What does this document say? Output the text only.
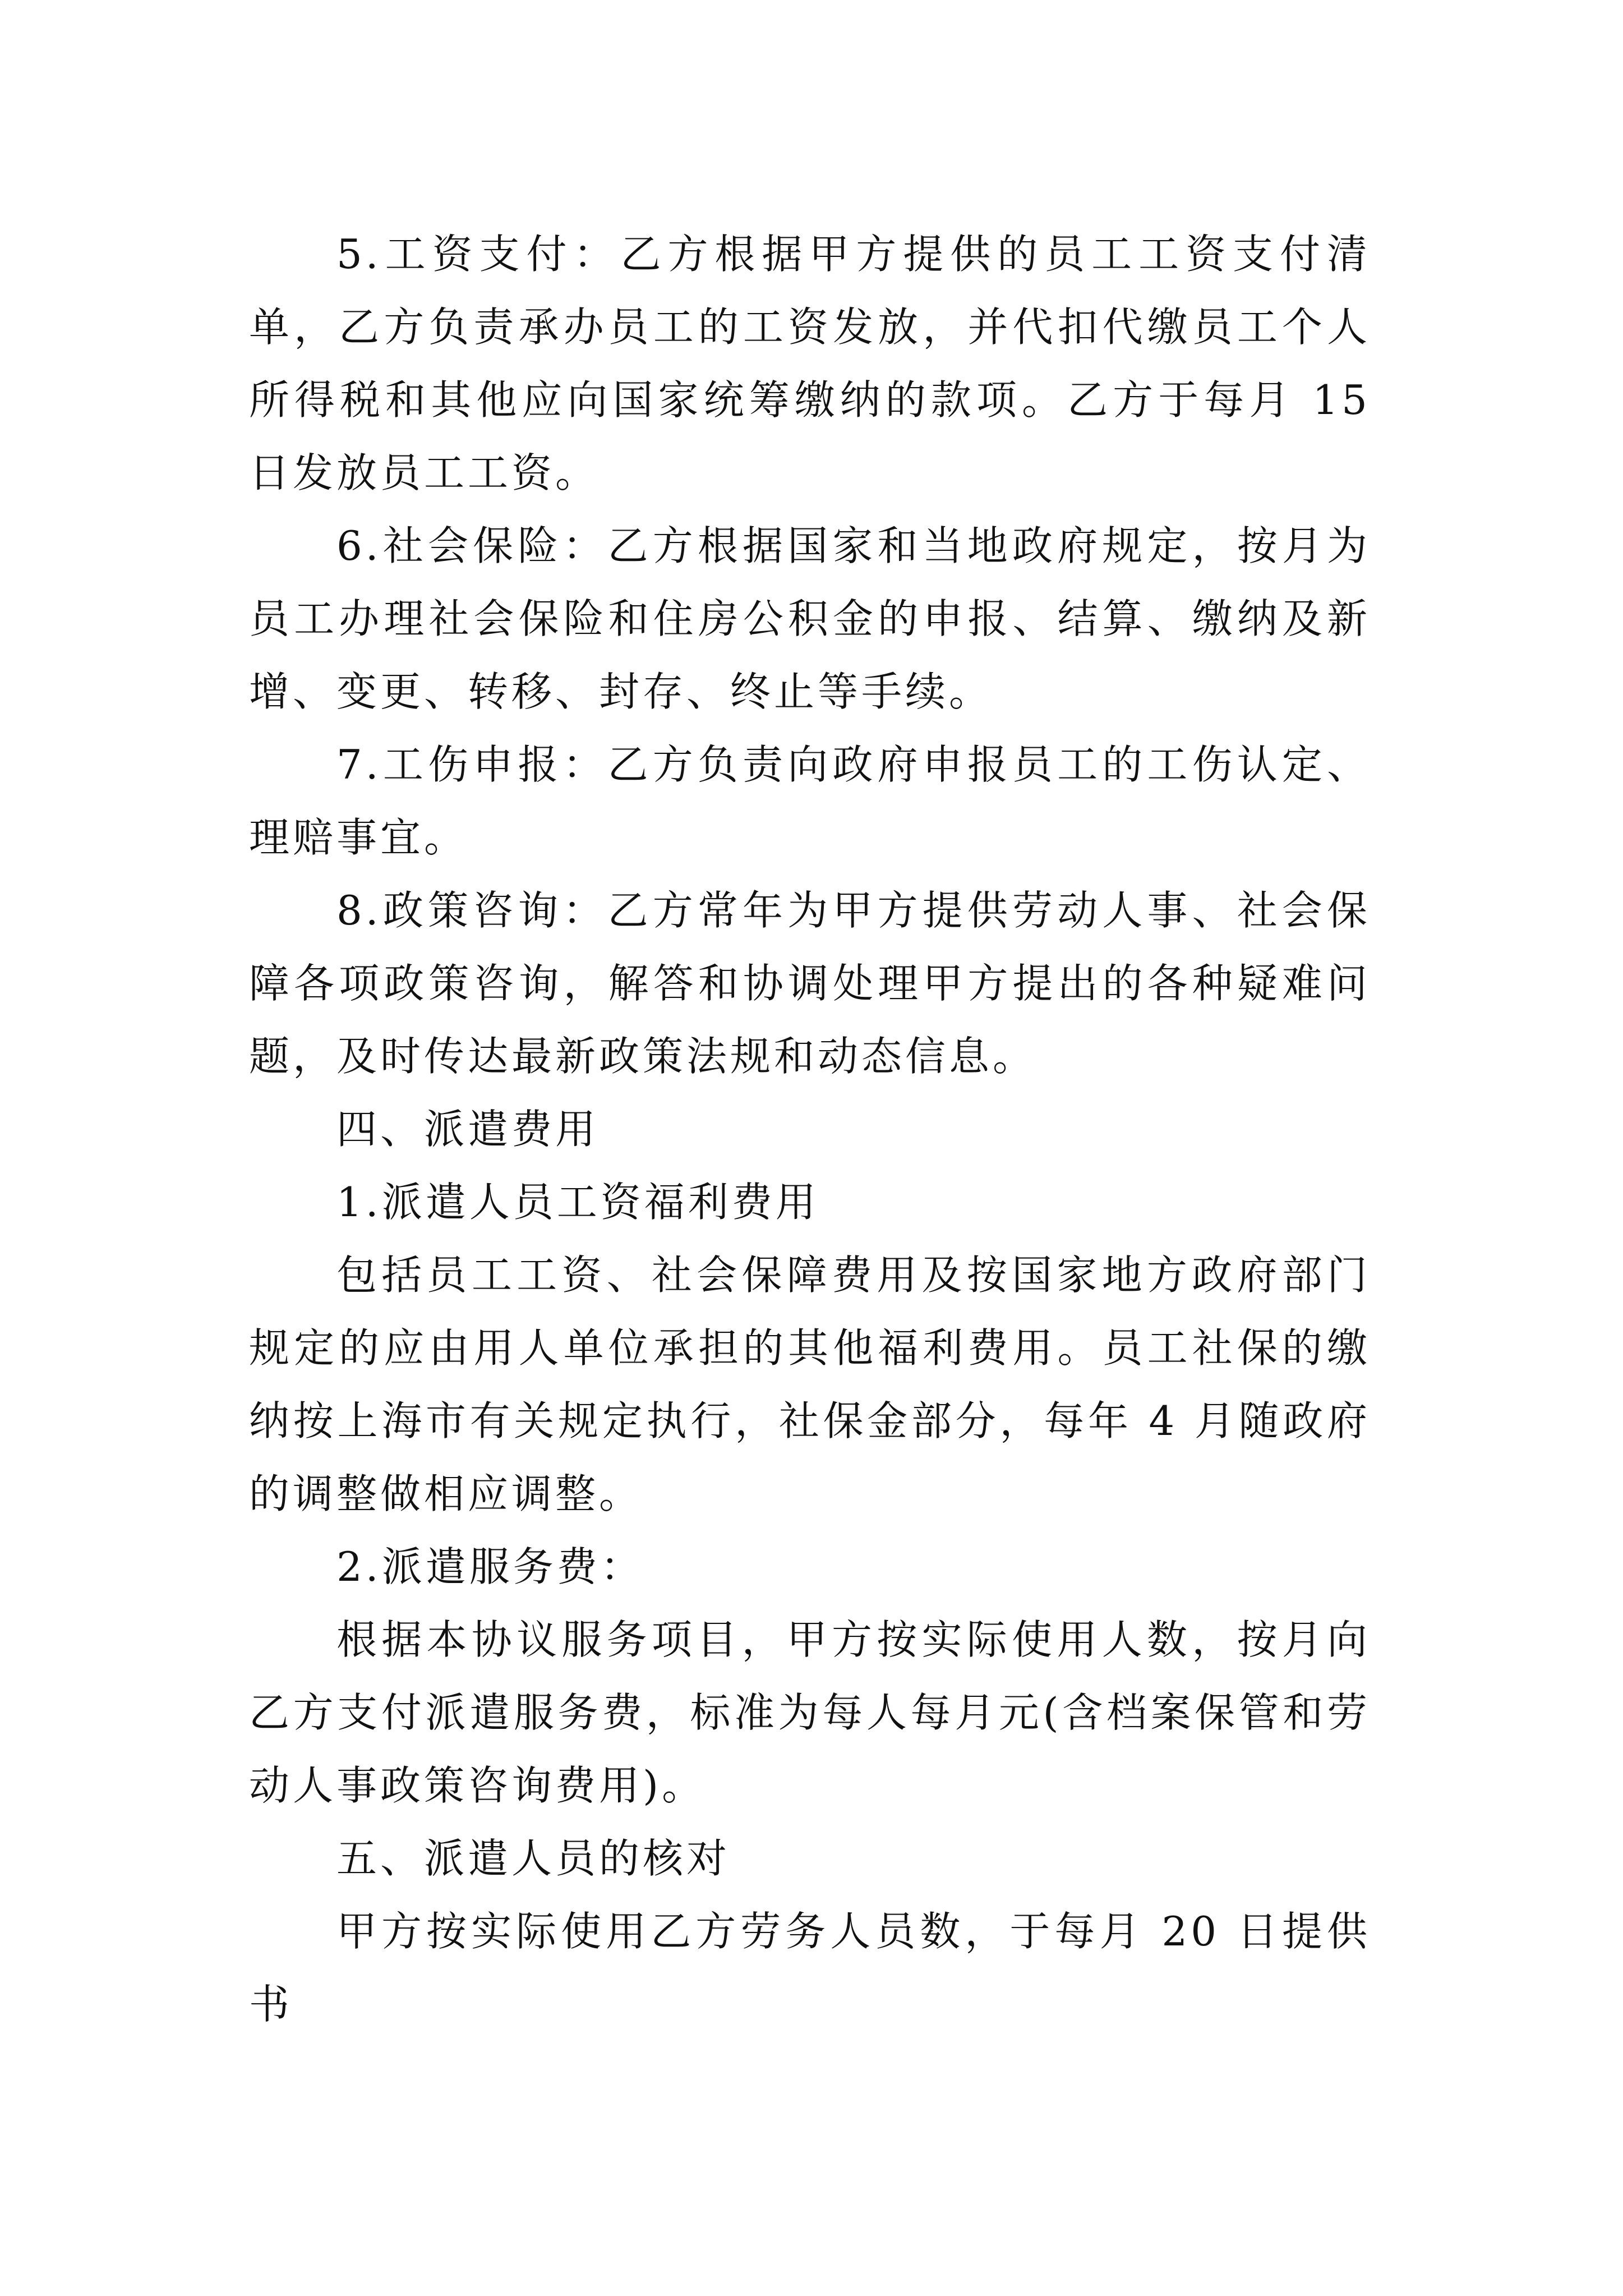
5.工资支付：乙方根据甲方提供的员工工资支付清单，乙方负责承办员工的工资发放，并代扣代缴员工个人所得税和其他应向国家统筹缴纳的款项。乙方于每月 15 日发放员工工资。

6.社会保险：乙方根据国家和当地政府规定，按月为员工办理社会保险和住房公积金的申报、结算、缴纳及新增、变更、转移、封存、终止等手续。

7.工伤申报：乙方负责向政府申报员工的工伤认定、理赔事宜。

8.政策咨询：乙方常年为甲方提供劳动人事、社会保障各项政策咨询，解答和协调处理甲方提出的各种疑难问题，及时传达最新政策法规和动态信息。

四、派遣费用

1.派遣人员工资福利费用

包括员工工资、社会保障费用及按国家地方政府部门规定的应由用人单位承担的其他福利费用。员工社保的缴纳按上海市有关规定执行，社保金部分，每年 4 月随政府的调整做相应调整。

2.派遣服务费：

根据本协议服务项目，甲方按实际使用人数，按月向乙方支付派遣服务费，标准为每人每月元(含档案保管和劳动人事政策咨询费用)。

五、派遣人员的核对

甲方按实际使用乙方劳务人员数，于每月 20 日提供书
